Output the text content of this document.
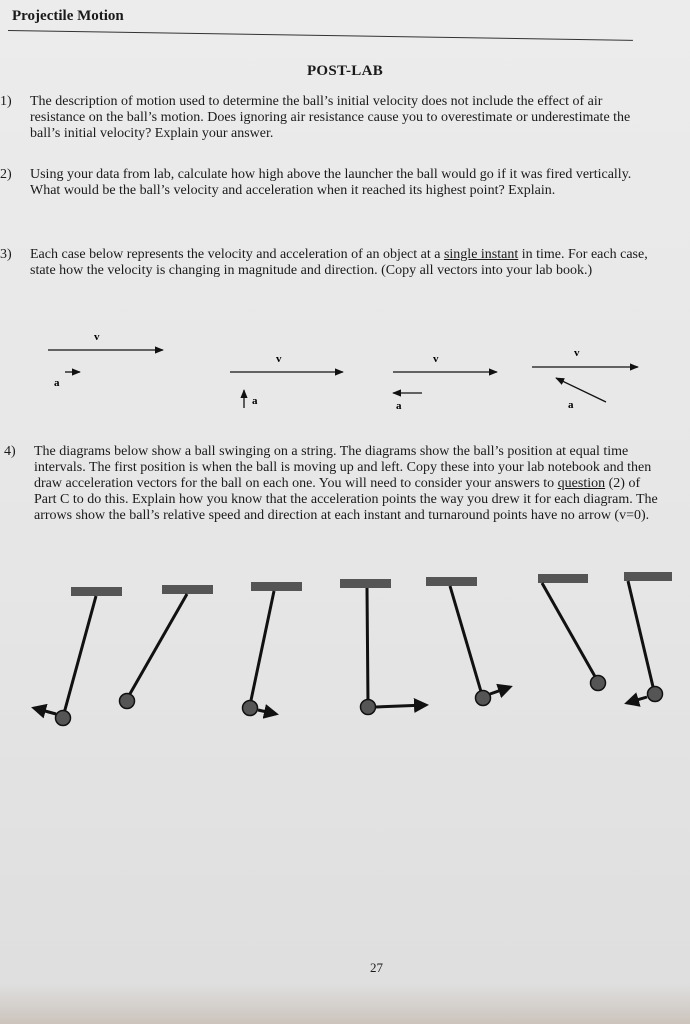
Projectile Motion
POST-LAB
1) The description of motion used to determine the ball’s initial velocity does not include the effect of air resistance on the ball’s motion. Does ignoring air resistance cause you to overestimate or underestimate the ball’s initial velocity? Explain your answer.

2) Using your data from lab, calculate how high above the launcher the ball would go if it was fired vertically. What would be the ball’s velocity and acceleration when it reached its highest point? Explain.

3) Each case below represents the velocity and acceleration of an object at a single instant in time. For each case, state how the velocity is changing in magnitude and direction. (Copy all vectors into your lab book.)

v
a
v
a
v
a
v
a
4) The diagrams below show a ball swinging on a string. The diagrams show the ball’s position at equal time intervals. The first position is when the ball is moving up and left. Copy these into your lab notebook and then draw acceleration vectors for the ball on each one. You will need to consider your answers to question (2) of Part C to do this. Explain how you know that the acceleration points the way you drew it for each diagram. The arrows show the ball’s relative speed and direction at each instant and turnaround points have no arrow (v=0).

27
